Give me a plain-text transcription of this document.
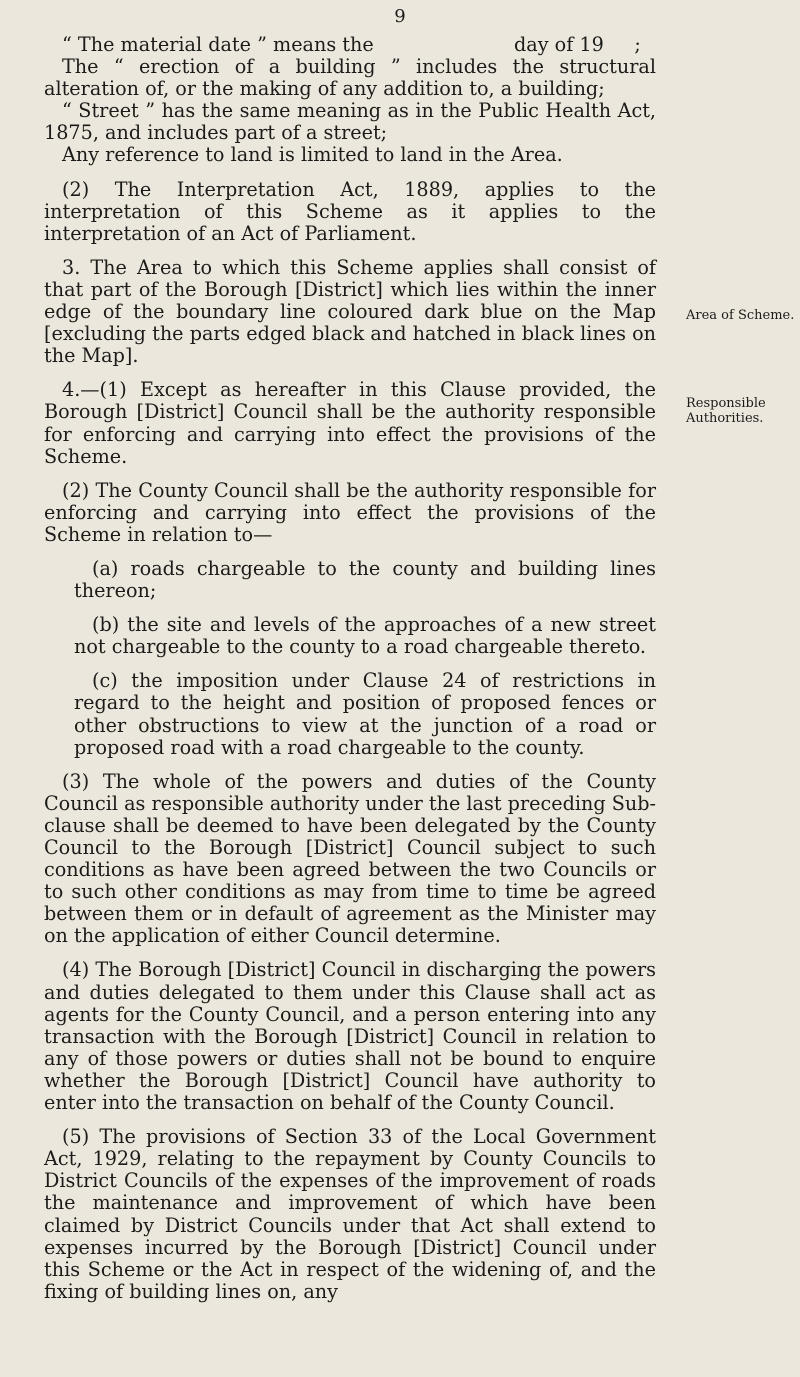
9

“ The material date ” means the                       day of 19     ;

The “ erection of a building ” includes the structural alteration of, or the making of any addition to, a building;

“ Street ” has the same meaning as in the Public Health Act, 1875, and includes part of a street;

Any reference to land is limited to land in the Area.

(2) The Interpretation Act, 1889, applies to the interpretation of this Scheme as it applies to the interpretation of an Act of Parliament.

3. The Area to which this Scheme applies shall consist of that part of the Borough [District] which lies within the inner edge of the boundary line coloured dark blue on the Map [excluding the parts edged black and hatched in black lines on the Map].

4.—(1) Except as hereafter in this Clause provided, the Borough [District] Council shall be the authority responsible for enforcing and carrying into effect the provisions of the Scheme.

(2) The County Council shall be the authority responsible for enforcing and carrying into effect the provisions of the Scheme in relation to—

(a) roads chargeable to the county and building lines thereon;

(b) the site and levels of the approaches of a new street not chargeable to the county to a road chargeable thereto.

(c) the imposition under Clause 24 of restrictions in regard to the height and position of proposed fences or other obstructions to view at the junction of a road or proposed road with a road chargeable to the county.

(3) The whole of the powers and duties of the County Council as responsible authority under the last preceding Sub-clause shall be deemed to have been delegated by the County Council to the Borough [District] Council subject to such conditions as have been agreed between the two Councils or to such other conditions as may from time to time be agreed between them or in default of agreement as the Minister may on the application of either Council determine.

(4) The Borough [District] Council in discharging the powers and duties delegated to them under this Clause shall act as agents for the County Council, and a person entering into any transaction with the Borough [District] Council in relation to any of those powers or duties shall not be bound to enquire whether the Borough [District] Council have authority to enter into the transaction on behalf of the County Council.

(5) The provisions of Section 33 of the Local Government Act, 1929, relating to the repayment by County Councils to District Councils of the expenses of the improvement of roads the maintenance and improvement of which have been claimed by District Councils under that Act shall extend to expenses incurred by the Borough [District] Council under this Scheme or the Act in respect of the widening of, and the fixing of building lines on, any

Area of Scheme.
Responsible Authorities.
